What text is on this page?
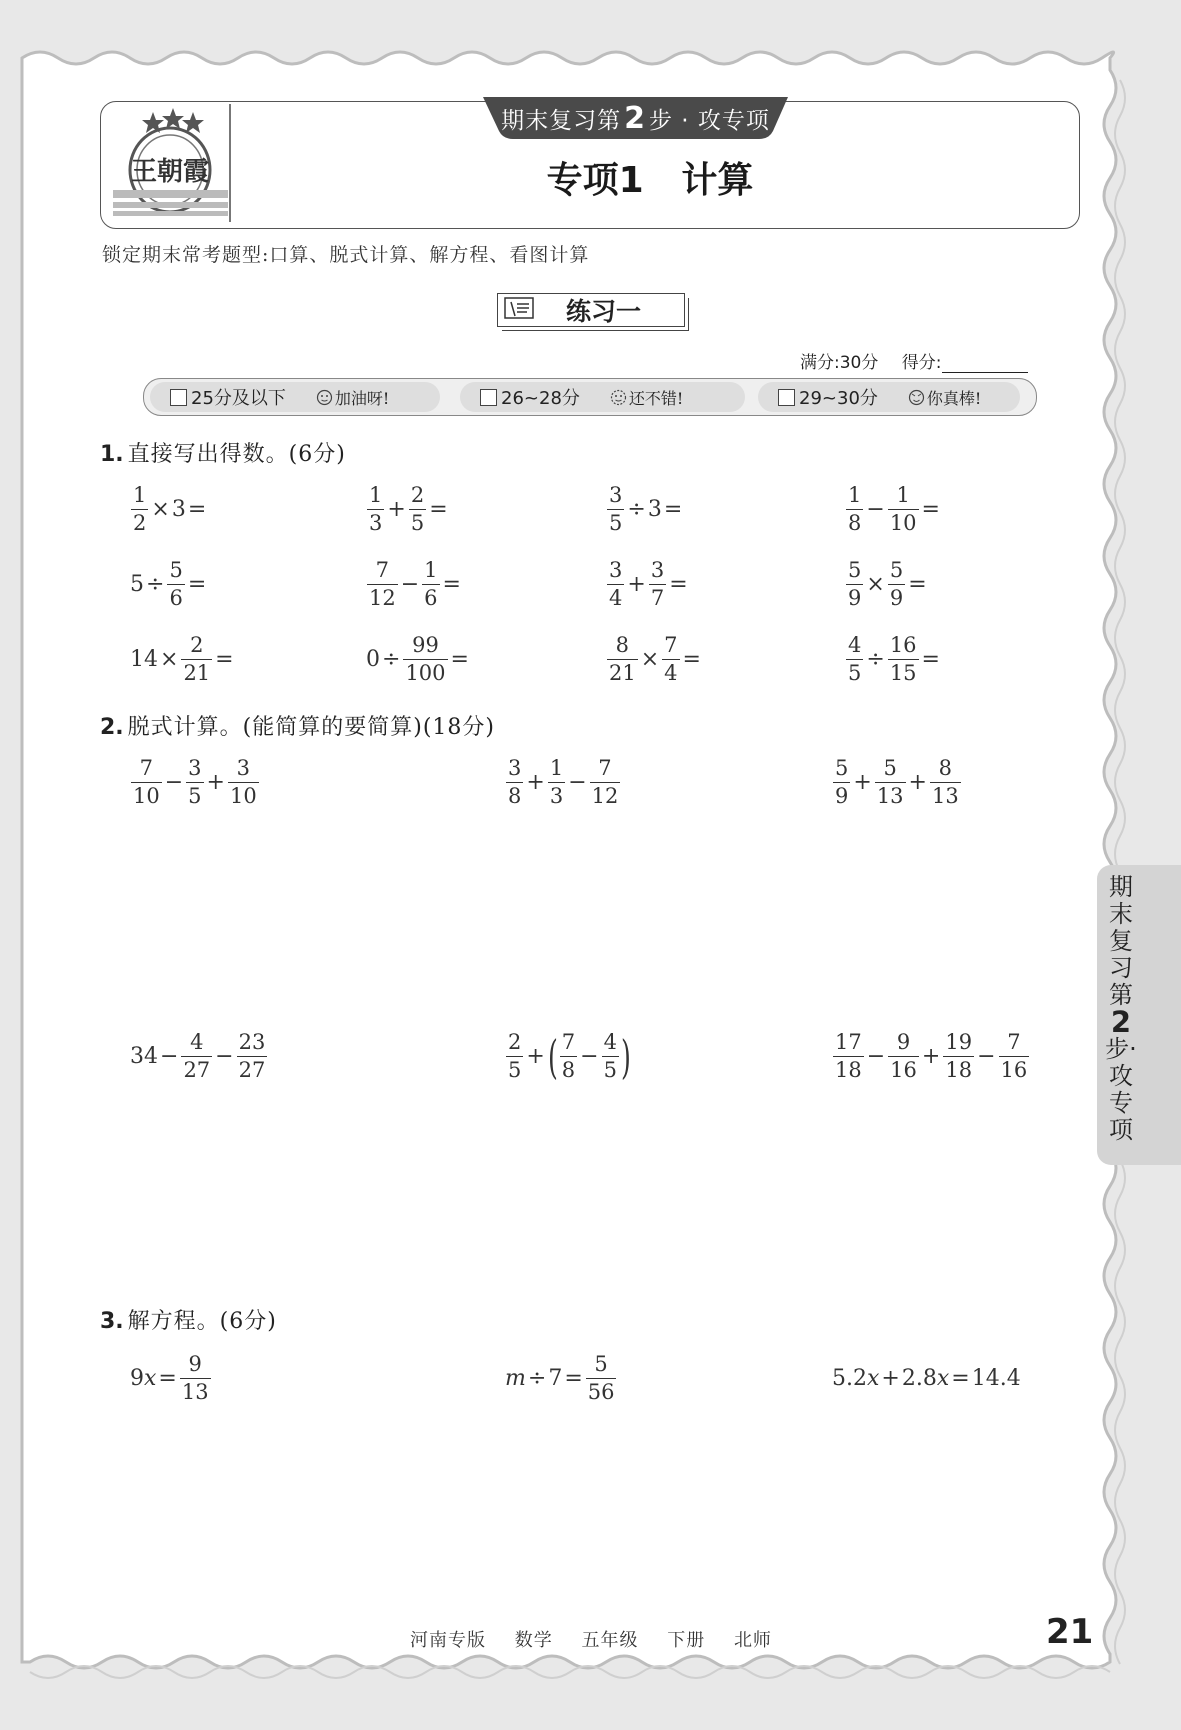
王朝霞
期末复习第 2 步 · 攻专项
专项1   计算
锁定期末常考题型:口算、脱式计算、解方程、看图计算
练习一
满分:30分 得分:
25分及以下	加油呀!	26~28分	还不错!	29~30分	你真棒!
1. 直接写出得数。(6分)
$\frac{1}{2} \times 3$ =	$\frac{1}{3} + \frac{2}{5}$ =	$\frac{3}{5} \div 3$ =	$\frac{1}{8} - \frac{1}{10}$ =
$5 \div \frac{5}{6}$ =	$\frac{7}{12} - \frac{1}{6}$ =	$\frac{3}{4} + \frac{3}{7}$ =	$\frac{5}{9} \times \frac{5}{9}$ =
$14 \times \frac{2}{21}$ =	$0 \div \frac{99}{100}$ =	$\frac{8}{21} \times \frac{7}{4}$ =	$\frac{4}{5} \div \frac{16}{15}$ =
2. 脱式计算。(能简算的要简算)(18分)
$\frac{7}{10} - \frac{3}{5} + \frac{3}{10}$	$\frac{3}{8} + \frac{1}{3} - \frac{7}{12}$	$\frac{5}{9} + \frac{5}{13} + \frac{8}{13}$
$34 - \frac{4}{27} - \frac{23}{27}$	$\frac{2}{5}$ + ( $\frac{7}{8} - \frac{4}{5}$ )	$\frac{17}{18} - \frac{9}{16} + \frac{19}{18} - \frac{7}{16}$
3. 解方程。(6分)
9 $x = \frac{9}{13}$	$m \div 7 = \frac{5}{56}$	5.2 x + 2.8 x = 14.4
期末复习第
2
步·攻专项
河南专版 数学 五年级 下册 北师	21
